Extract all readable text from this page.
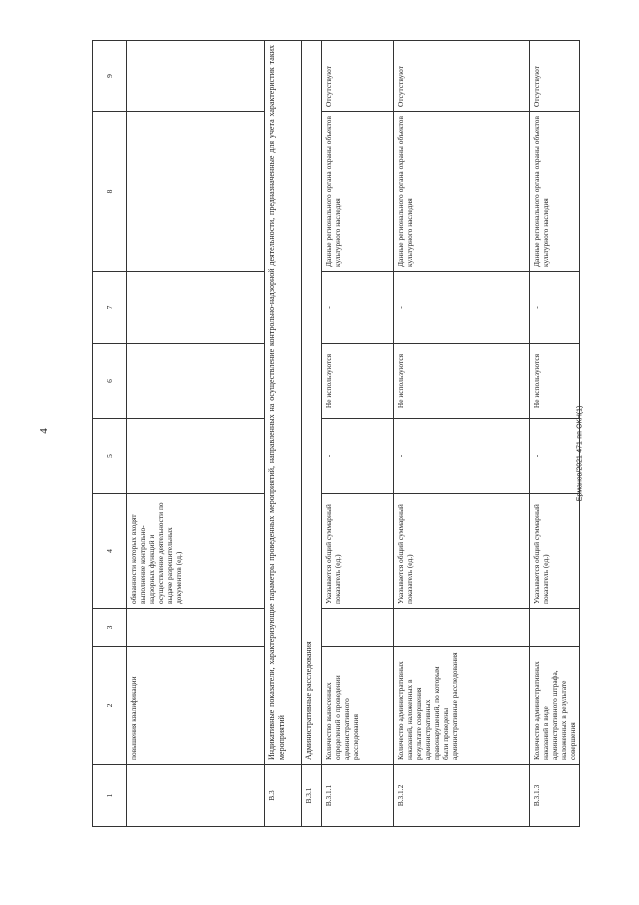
4	Ерманов/2021-471-пп-ОКН(1)
1	2	3	4	5	6	7	8	9
	повышения квалификации		обязанности которых входят выполнение контрольно-надзорных функций и осуществление деятельности по выдаче разрешительных документов (ед.)					
В.3	Индикативные показатели, характеризующие параметры проведенных мероприятий, направленных на осуществление контрольно-надзорной деятельности, предназначенные для учета характеристик таких мероприятий							
В.3.1	Административные расследования							
В.3.1.1	Количество вынесенных определений о проведении административного расследования		Указывается общий суммарный показатель (ед.)	-	Не используются	-	Данные регионального органа охраны объектов культурного наследия	Отсутствуют
В.3.1.2	Количество административных наказаний, наложенных в результате совершения административных правонарушений, по которым были проведены административные расследования		Указывается общий суммарный показатель (ед.)	-	Не используются	-	Данные регионального органа охраны объектов культурного наследия	Отсутствуют
В.3.1.3	Количество административных наказаний в виде административного штрафа, наложенных в результате совершения		Указывается общий суммарный показатель (ед.)	-	Не используются	-	Данные регионального органа охраны объектов культурного наследия	Отсутствуют
